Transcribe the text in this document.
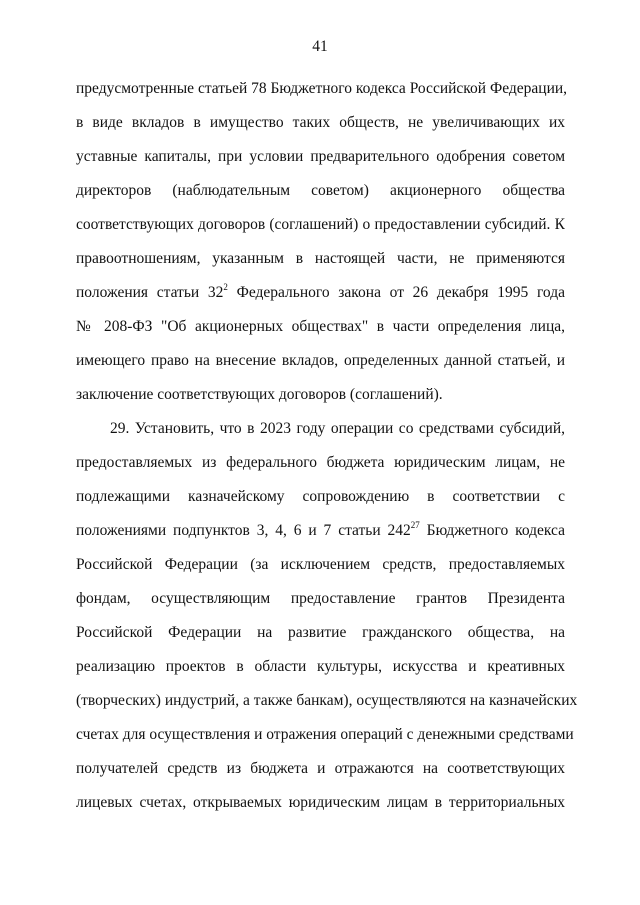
41
предусмотренные статьей 78 Бюджетного кодекса Российской Федерации,
в виде вкладов в имущество таких обществ, не увеличивающих их
уставные капиталы, при условии предварительного одобрения советом
директоров (наблюдательным советом) акционерного общества
соответствующих договоров (соглашений) о предоставлении субсидий. К
правоотношениям, указанным в настоящей части, не применяются
положения статьи $32^2$ Федерального закона от 26 декабря 1995 года
№ 208-ФЗ "Об акционерных обществах" в части определения лица,
имеющего право на внесение вкладов, определенных данной статьей, и
заключение соответствующих договоров (соглашений).
29. Установить, что в 2023 году операции со средствами субсидий,
предоставляемых из федерального бюджета юридическим лицам, не
подлежащими казначейскому сопровождению в соответствии с
положениями подпунктов 3, 4, 6 и 7 статьи $242^{27}$ Бюджетного кодекса
Российской Федерации (за исключением средств, предоставляемых
фондам, осуществляющим предоставление грантов Президента
Российской Федерации на развитие гражданского общества, на
реализацию проектов в области культуры, искусства и креативных
(творческих) индустрий, а также банкам), осуществляются на казначейских
счетах для осуществления и отражения операций с денежными средствами
получателей средств из бюджета и отражаются на соответствующих
лицевых счетах, открываемых юридическим лицам в территориальных
